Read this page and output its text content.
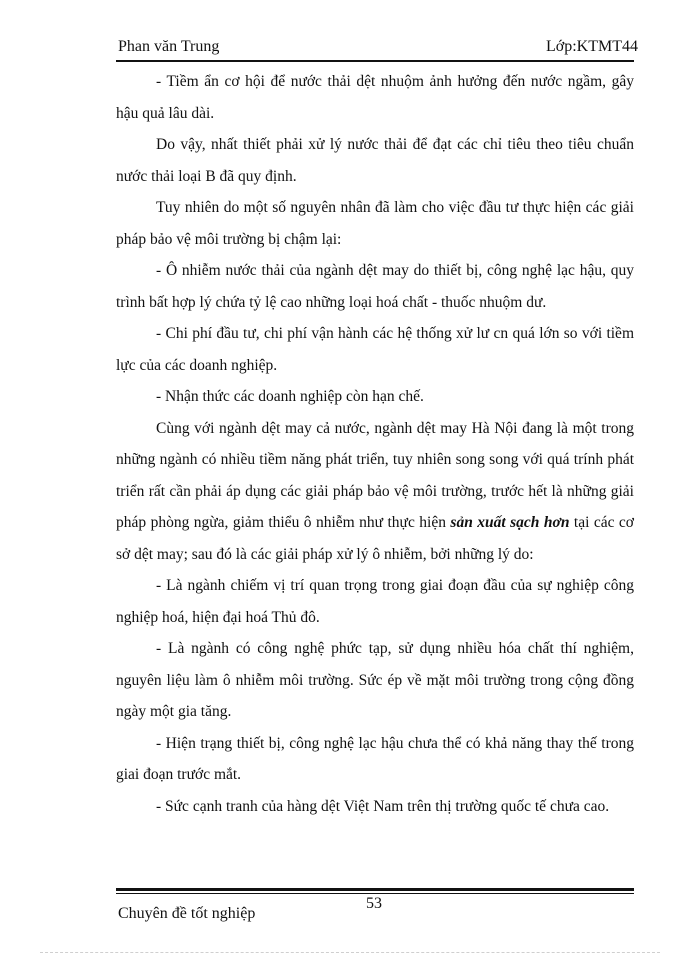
Phan văn Trung	Lớp:KTMT44

- Tiềm ẩn cơ hội để nước thải dệt nhuộm ảnh hưởng đến nước ngầm, gây hậu quả lâu dài.

Do vậy, nhất thiết phải xử lý nước thải để đạt các chỉ tiêu theo tiêu chuẩn nước thải loại B đã quy định.

Tuy nhiên do một số nguyên nhân đã làm cho việc đầu tư thực hiện các giải pháp bảo vệ môi trường bị chậm lại:

- Ô nhiễm nước thải của ngành dệt may do thiết bị, công nghệ lạc hậu, quy trình bất hợp lý chứa tỷ lệ cao những loại hoá chất - thuốc nhuộm dư.

- Chi phí đầu tư, chi phí vận hành các hệ thống xử lư cn quá lớn so với tiềm lực của các doanh nghiệp.

- Nhận thức các doanh nghiệp còn hạn chế.

Cùng với ngành dệt may cả nước, ngành dệt may Hà Nội đang là một trong những ngành có nhiều tiềm năng phát triển, tuy nhiên song song với quá trính phát triển rất cần phải áp dụng các giải pháp bảo vệ môi trường, trước hết là những giải pháp phòng ngừa, giảm thiểu ô nhiễm như thực hiện sản xuất sạch hơn tại các cơ sở dệt may; sau đó là các giải pháp xử lý ô nhiễm, bởi những lý do:

- Là ngành chiếm vị trí quan trọng trong giai đoạn đầu của sự nghiệp công nghiệp hoá, hiện đại hoá Thủ đô.

- Là ngành có công nghệ phức tạp, sử dụng nhiều hóa chất thí nghiệm, nguyên liệu làm ô nhiễm môi trường. Sức ép về mặt môi trường trong cộng đồng ngày một gia tăng.

- Hiện trạng thiết bị, công nghệ lạc hậu chưa thể có khả năng thay thế trong giai đoạn trước mắt.

- Sức cạnh tranh của hàng dệt Việt Nam trên thị trường quốc tế chưa cao.

53
Chuyên đề tốt nghiệp
